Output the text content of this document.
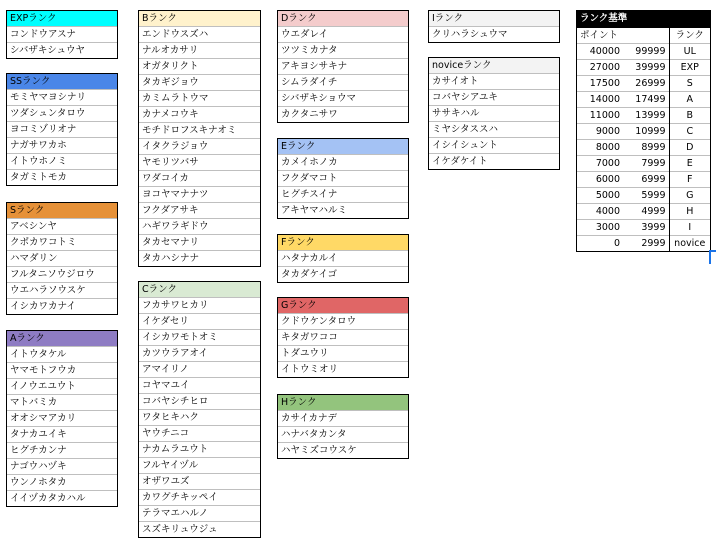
EXPランク
コンドウアスナ
シバザキシュウヤ
SSランク
モミヤマヨシナリ
ツダシュンタロウ
ヨコミゾリオナ
ナガサワカホ
イトウホノミ
タガミトモカ
Sランク
アベシンヤ
クボカワコトミ
ハマダリン
フルタニソウジロウ
ウエハラソウスケ
イシカワカナイ
Aランク
イトウタケル
ヤマモトフウカ
イノウエユウト
マトバミカ
オオシマアカリ
タナカユイキ
ヒグチカンナ
ナゴウハヅキ
ウンノホタカ
イイヅカタカハル
Bランク
エンドウスズハ
ナルオカサリ
オガタリクト
タカギジョウ
カミムラトウマ
カナメコウキ
モチドロフスキナオミ
イタクラジョウ
ヤモリツバサ
ワダコイカ
ヨコヤマナナツ
フクダアサキ
ハギワラギドウ
タカセマナリ
タカハシナナ
Cランク
フカサワヒカリ
イケダセリ
イシカワモトオミ
カツウラアオイ
アマイリノ
コヤマユイ
コバヤシチヒロ
ワタヒキハク
ヤウチニコ
ナカムラユウト
フルヤイヅル
オザワユズ
カワグチキッペイ
テラマエハルノ
スズキリュウジュ
Dランク
ウエダレイ
ツツミカナタ
アキヨシサキナ
シムラダイチ
シバザキショウマ
カクタニサワ
Eランク
カメイホノカ
フクダマコト
ヒグチスイナ
アキヤマハルミ
Fランク
ハタナカルイ
タカダケイゴ
Gランク
クドウケンタロウ
キタガワココ
トダユウリ
イトウミオリ
Hランク
カサイカナデ
ハナバタカンタ
ハヤミズコウスケ
Iランク
クリハラシュウマ
noviceランク
カサイオト
コバヤシアユキ
ササキハル
ミヤシタススハ
イシイシュント
イケダケイト
ランク基準
ポイント		ランク
40000	99999	UL
27000	39999	EXP
17500	26999	S
14000	17499	A
11000	13999	B
9000	10999	C
8000	8999	D
7000	7999	E
6000	6999	F
5000	5999	G
4000	4999	H
3000	3999	I
0	2999	novice
